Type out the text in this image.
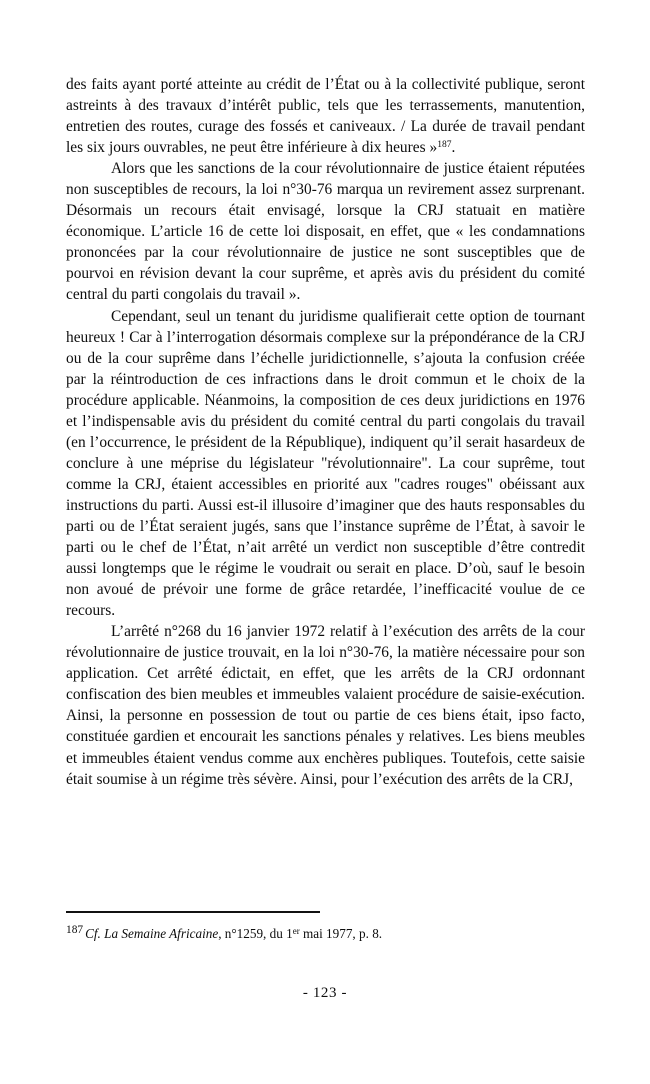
des faits ayant porté atteinte au crédit de l’État ou à la collectivité publique, seront astreints à des travaux d’intérêt public, tels que les terrassements, manutention, entretien des routes, curage des fossés et caniveaux. / La durée de travail pendant les six jours ouvrables, ne peut être inférieure à dix heures »$^{187}$.

Alors que les sanctions de la cour révolutionnaire de justice étaient réputées non susceptibles de recours, la loi n°30-76 marqua un revirement assez surprenant. Désormais un recours était envisagé, lorsque la CRJ statuait en matière économique. L’article 16 de cette loi disposait, en effet, que « les condamnations prononcées par la cour révolutionnaire de justice ne sont susceptibles que de pourvoi en révision devant la cour suprême, et après avis du président du comité central du parti congolais du travail ».

Cependant, seul un tenant du juridisme qualifierait cette option de tournant heureux ! Car à l’interrogation désormais complexe sur la prépondérance de la CRJ ou de la cour suprême dans l’échelle juridictionnelle, s’ajouta la confusion créée par la réintroduction de ces infractions dans le droit commun et le choix de la procédure applicable. Néanmoins, la composition de ces deux juridictions en 1976 et l’indispensable avis du président du comité central du parti congolais du travail (en l’occurrence, le président de la République), indiquent qu’il serait hasardeux de conclure à une méprise du législateur "révolutionnaire". La cour suprême, tout comme la CRJ, étaient accessibles en priorité aux "cadres rouges" obéissant aux instructions du parti. Aussi est-il illusoire d’imaginer que des hauts responsables du parti ou de l’État seraient jugés, sans que l’instance suprême de l’État, à savoir le parti ou le chef de l’État, n’ait arrêté un verdict non susceptible d’être contredit aussi longtemps que le régime le voudrait ou serait en place. D’où, sauf le besoin non avoué de prévoir une forme de grâce retardée, l’inefficacité voulue de ce recours.

L’arrêté n°268 du 16 janvier 1972 relatif à l’exécution des arrêts de la cour révolutionnaire de justice trouvait, en la loi n°30-76, la matière nécessaire pour son application. Cet arrêté édictait, en effet, que les arrêts de la CRJ ordonnant confiscation des bien meubles et immeubles valaient procédure de saisie-exécution. Ainsi, la personne en possession de tout ou partie de ces biens était, ipso facto, constituée gardien et encourait les sanctions pénales y relatives. Les biens meubles et immeubles étaient vendus comme aux enchères publiques. Toutefois, cette saisie était soumise à un régime très sévère. Ainsi, pour l’exécution des arrêts de la CRJ,

187 Cf. La Semaine Africaine, n°1259, du 1er mai 1977, p. 8.
- 123 -
